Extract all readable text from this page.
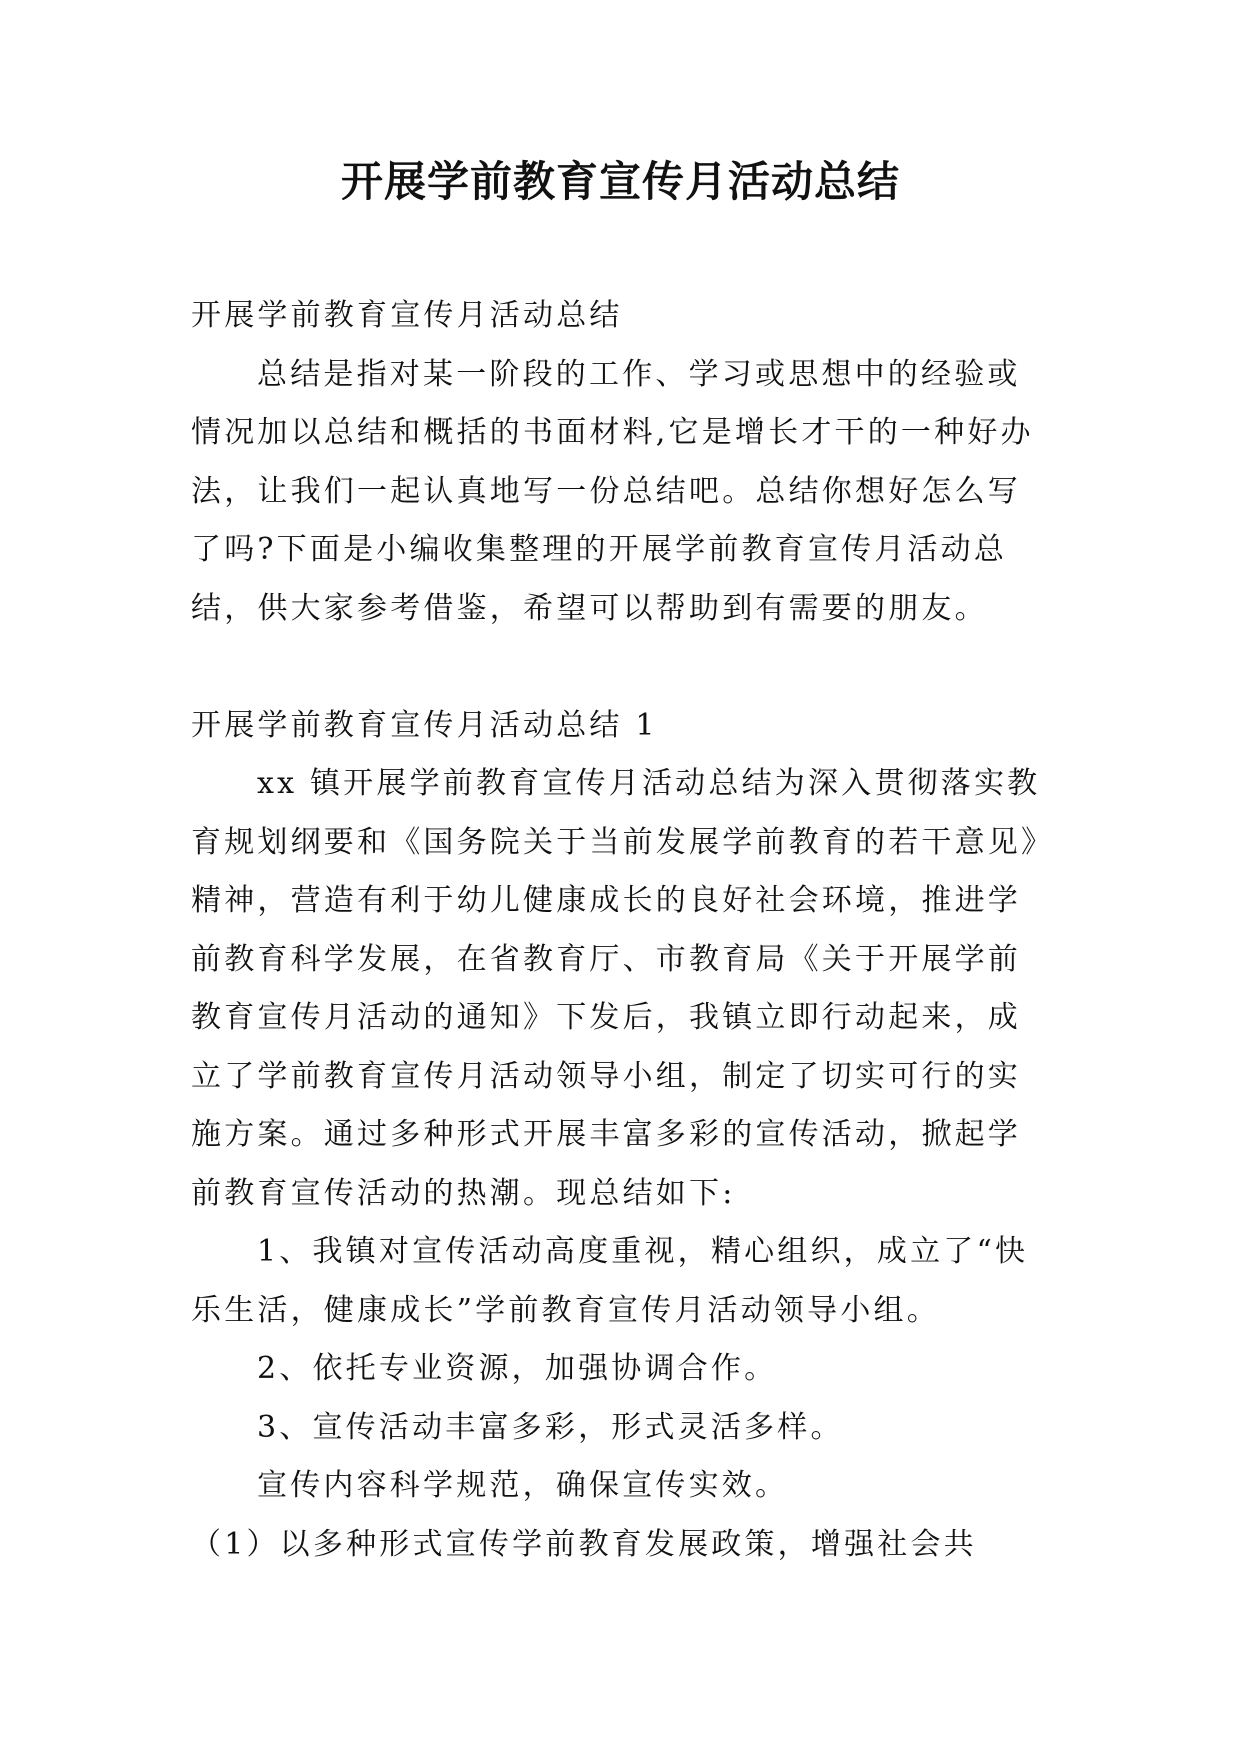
开展学前教育宣传月活动总结

开展学前教育宣传月活动总结

总结是指对某一阶段的工作、学习或思想中的经验或情况加以总结和概括的书面材料,它是增长才干的一种好办法，让我们一起认真地写一份总结吧。总结你想好怎么写了吗?下面是小编收集整理的开展学前教育宣传月活动总结，供大家参考借鉴，希望可以帮助到有需要的朋友。

开展学前教育宣传月活动总结 1

xx 镇开展学前教育宣传月活动总结为深入贯彻落实教育规划纲要和《国务院关于当前发展学前教育的若干意见》精神，营造有利于幼儿健康成长的良好社会环境，推进学前教育科学发展，在省教育厅、市教育局《关于开展学前教育宣传月活动的通知》下发后，我镇立即行动起来，成立了学前教育宣传月活动领导小组，制定了切实可行的实施方案。通过多种形式开展丰富多彩的宣传活动，掀起学前教育宣传活动的热潮。现总结如下:

1、我镇对宣传活动高度重视，精心组织，成立了“快乐生活，健康成长”学前教育宣传月活动领导小组。

2、依托专业资源，加强协调合作。

3、宣传活动丰富多彩，形式灵活多样。

宣传内容科学规范，确保宣传实效。

（1）以多种形式宣传学前教育发展政策，增强社会共
